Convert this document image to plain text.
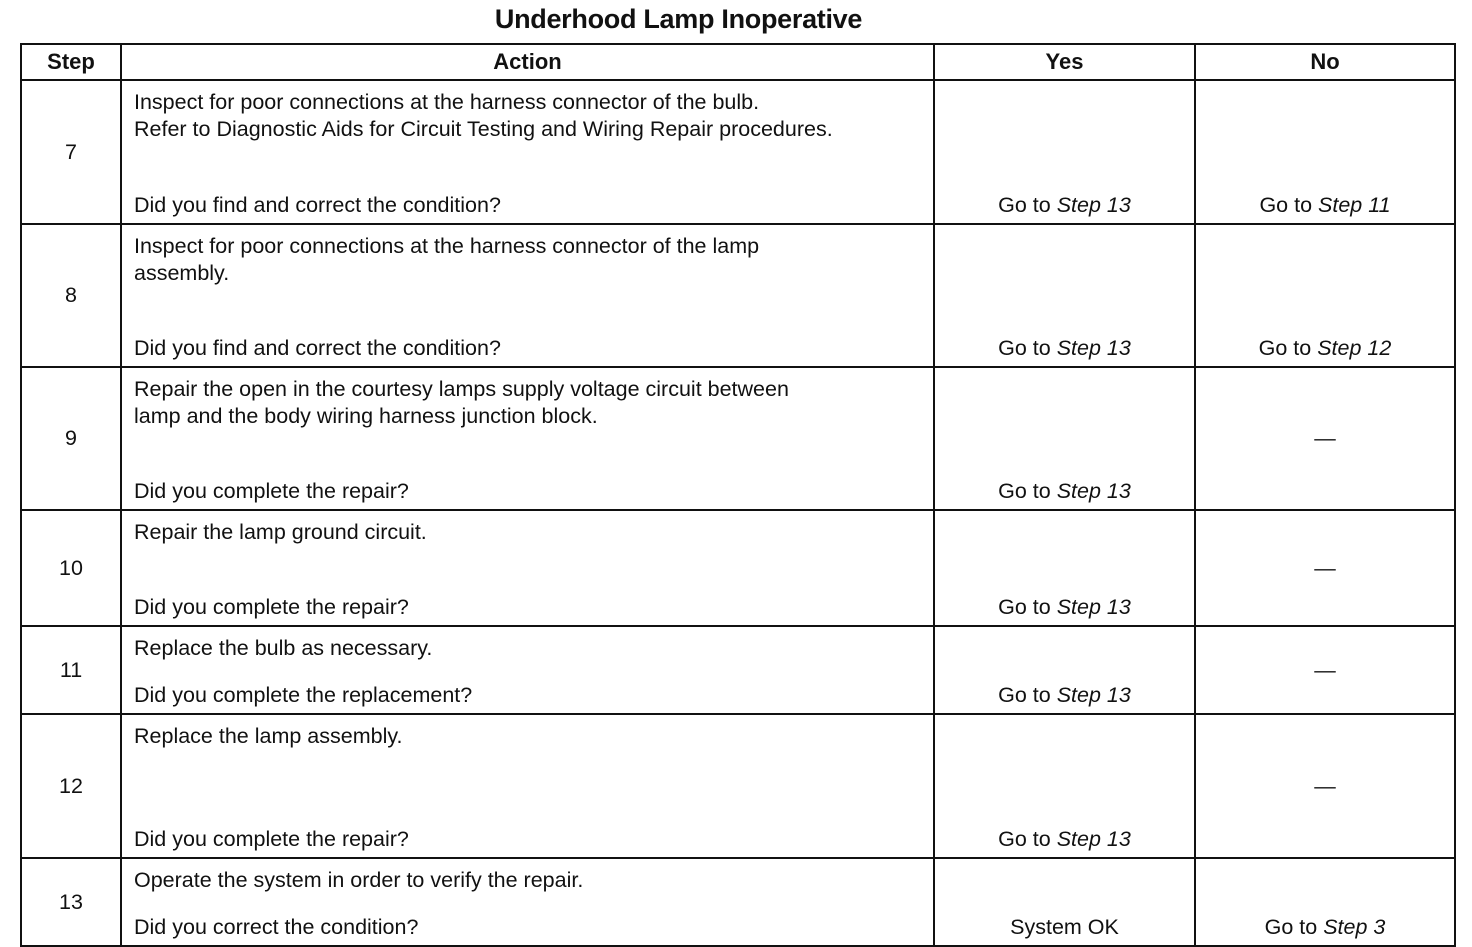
Underhood Lamp Inoperative
Step	Action	Yes	No
7	Inspect for poor connections at the harness connector of the bulb.
Refer to Diagnostic Aids for Circuit Testing and Wiring Repair procedures.
Did you find and correct the condition?	Go to Step 13	Go to Step 11
8	Inspect for poor connections at the harness connector of the lamp
assembly.
Did you find and correct the condition?	Go to Step 13	Go to Step 12
9	Repair the open in the courtesy lamps supply voltage circuit between
lamp and the body wiring harness junction block.
Did you complete the repair?	Go to Step 13	—
10	Repair the lamp ground circuit.
Did you complete the repair?	Go to Step 13	—
11	Replace the bulb as necessary.
Did you complete the replacement?	Go to Step 13	—
12	Replace the lamp assembly.
Did you complete the repair?	Go to Step 13	—
13	Operate the system in order to verify the repair.
Did you correct the condition?	System OK	Go to Step 3
